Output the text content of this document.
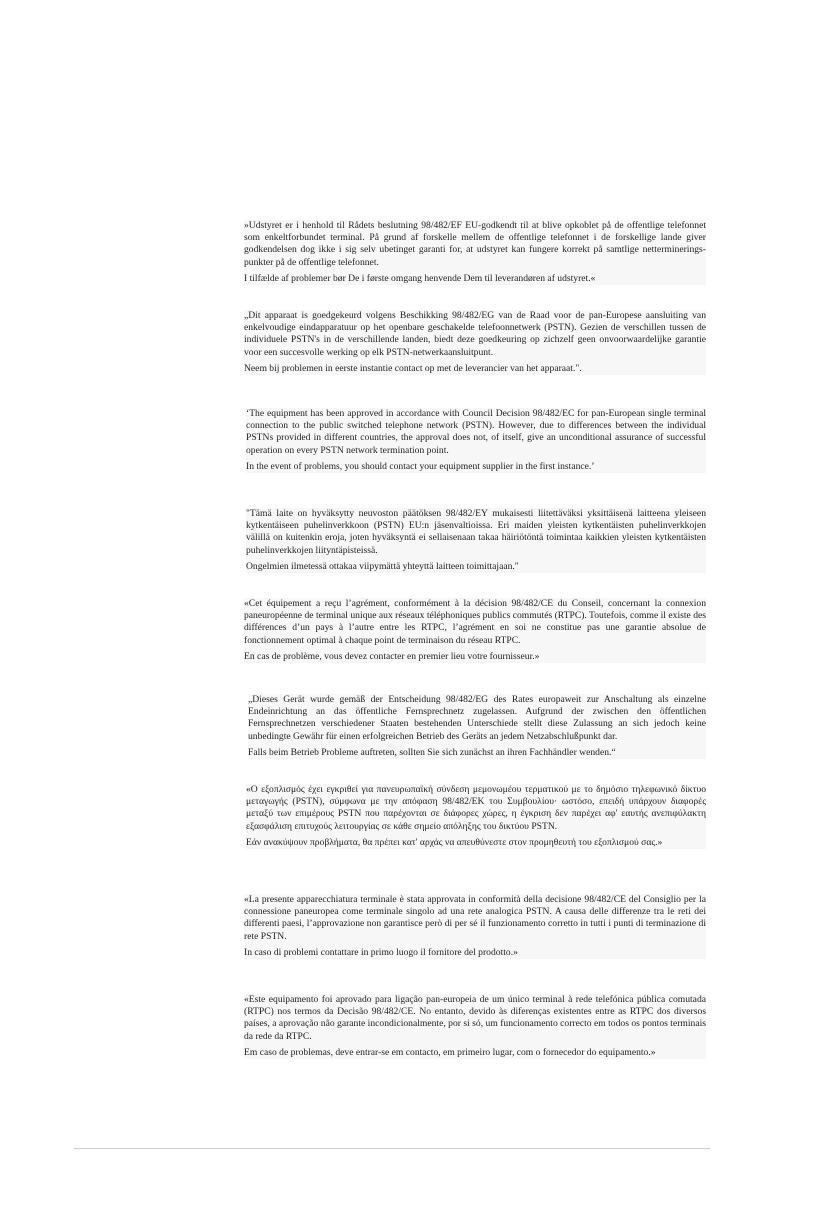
»Udstyret er i henhold til Rådets beslutning 98/482/EF EU-godkendt til at blive opkoblet på de offentlige telefonnet som enkeltforbundet terminal. På grund af forskelle mellem de offentlige telefonnet i de forskellige lande giver godkendelsen dog ikke i sig selv ubetinget garanti for, at udstyret kan fungere korrekt på samtlige nettermineringspunkter på de offentlige telefonnet.

I tilfælde af problemer bør De i første omgang henvende Dem til leverandøren af udstyret.«

„Dit apparaat is goedgekeurd volgens Beschikking 98/482/EG van de Raad voor de pan-Europese aansluiting van enkelvoudige eindapparatuur op het openbare geschakelde telefoonnetwerk (PSTN). Gezien de verschillen tussen de individuele PSTN's in de verschillende landen, biedt deze goedkeuring op zichzelf geen onvoorwaardelijke garantie voor een succesvolle werking op elk PSTN-netwerkaansluitpunt.

Neem bij problemen in eerste instantie contact op met de leverancier van het apparaat.".

‘The equipment has been approved in accordance with Council Decision 98/482/EC for pan-European single terminal connection to the public switched telephone network (PSTN). However, due to differences between the individual PSTNs provided in different countries, the approval does not, of itself, give an unconditional assurance of successful operation on every PSTN network termination point.

In the event of problems, you should contact your equipment supplier in the first instance.’

"Tämä laite on hyväksytty neuvoston päätöksen 98/482/EY mukaisesti liitettäväksi yksittäisenä laitteena yleiseen kytkentäiseen puhelinverkkoon (PSTN) EU:n jäsenvaltioissa. Eri maiden yleisten kytkentäisten puhelinverkkojen välillä on kuitenkin eroja, joten hyväksyntä ei sellaisenaan takaa häiriötöntä toimintaa kaikkien yleisten kytkentäisten puhelinverkkojen liityntäpisteissä.

Ongelmien ilmetessä ottakaa viipymättä yhteyttä laitteen toimittajaan."

«Cet équipement a reçu l’agrément, conformément à la décision 98/482/CE du Conseil, concernant la connexion paneuropéenne de terminal unique aux réseaux téléphoniques publics commutés (RTPC). Toutefois, comme il existe des différences d’un pays à l’autre entre les RTPC, l’agrément en soi ne constitue pas une garantie absolue de fonctionnement optimal à chaque point de terminaison du réseau RTPC.

En cas de problème, vous devez contacter en premier lieu votre fournisseur.»

„Dieses Gerät wurde gemäß der Entscheidung 98/482/EG des Rates europaweit zur Anschaltung als einzelne Endeinrichtung an das öffentliche Fernsprechnetz zugelassen. Aufgrund der zwischen den öffentlichen Fernsprechnetzen verschiedener Staaten bestehenden Unterschiede stellt diese Zulassung an sich jedoch keine unbedingte Gewähr für einen erfolgreichen Betrieb des Geräts an jedem Netzabschlußpunkt dar.

Falls beim Betrieb Probleme auftreten, sollten Sie sich zunächst an ihren Fachhändler wenden.“

«Ο εξοπλισμός έχει εγκριθεί για πανευρωπαϊκή σύνδεση μεμονωμέου τερματικού με το δημόσιο τηλεφωνικό δίκτυο μεταγωγής (PSTN), σύμφωνα με την απόφαση 98/482/ΕΚ του Συμβουλίου· ωστόσο, επειδή υπάρχουν διαφορές μεταξύ των επιμέρους PSTN που παρέχονται σε διάφορες χώρες, η έγκριση δεν παρέχει αφ' εαυτής ανεπιφύλακτη εξασφάλιση επιτυχούς λειτουργίας σε κάθε σημείο απόληξης του δικτύου PSTN.

Εάν ανακύψουν προβλήματα, θα πρέπει κατ' αρχάς να απευθύνεστε στον προμηθευτή του εξοπλισμού σας.»

«La presente apparecchiatura terminale è stata approvata in conformità della decisione 98/482/CE del Consiglio per la connessione paneuropea come terminale singolo ad una rete analogica PSTN. A causa delle differenze tra le reti dei differenti paesi, l’approvazione non garantisce però di per sé il funzionamento corretto in tutti i punti di terminazione di rete PSTN.

In caso di problemi contattare in primo luogo il fornitore del prodotto.»

«Este equipamento foi aprovado para ligação pan-europeia de um único terminal à rede telefónica pública comutada (RTPC) nos termos da Decisão 98/482/CE. No entanto, devido às diferenças existentes entre as RTPC dos diversos países, a aprovação não garante incondicionalmente, por si só, um funcionamento correcto em todos os pontos terminais da rede da RTPC.

Em caso de problemas, deve entrar-se em contacto, em primeiro lugar, com o fornecedor do equipamento.»
